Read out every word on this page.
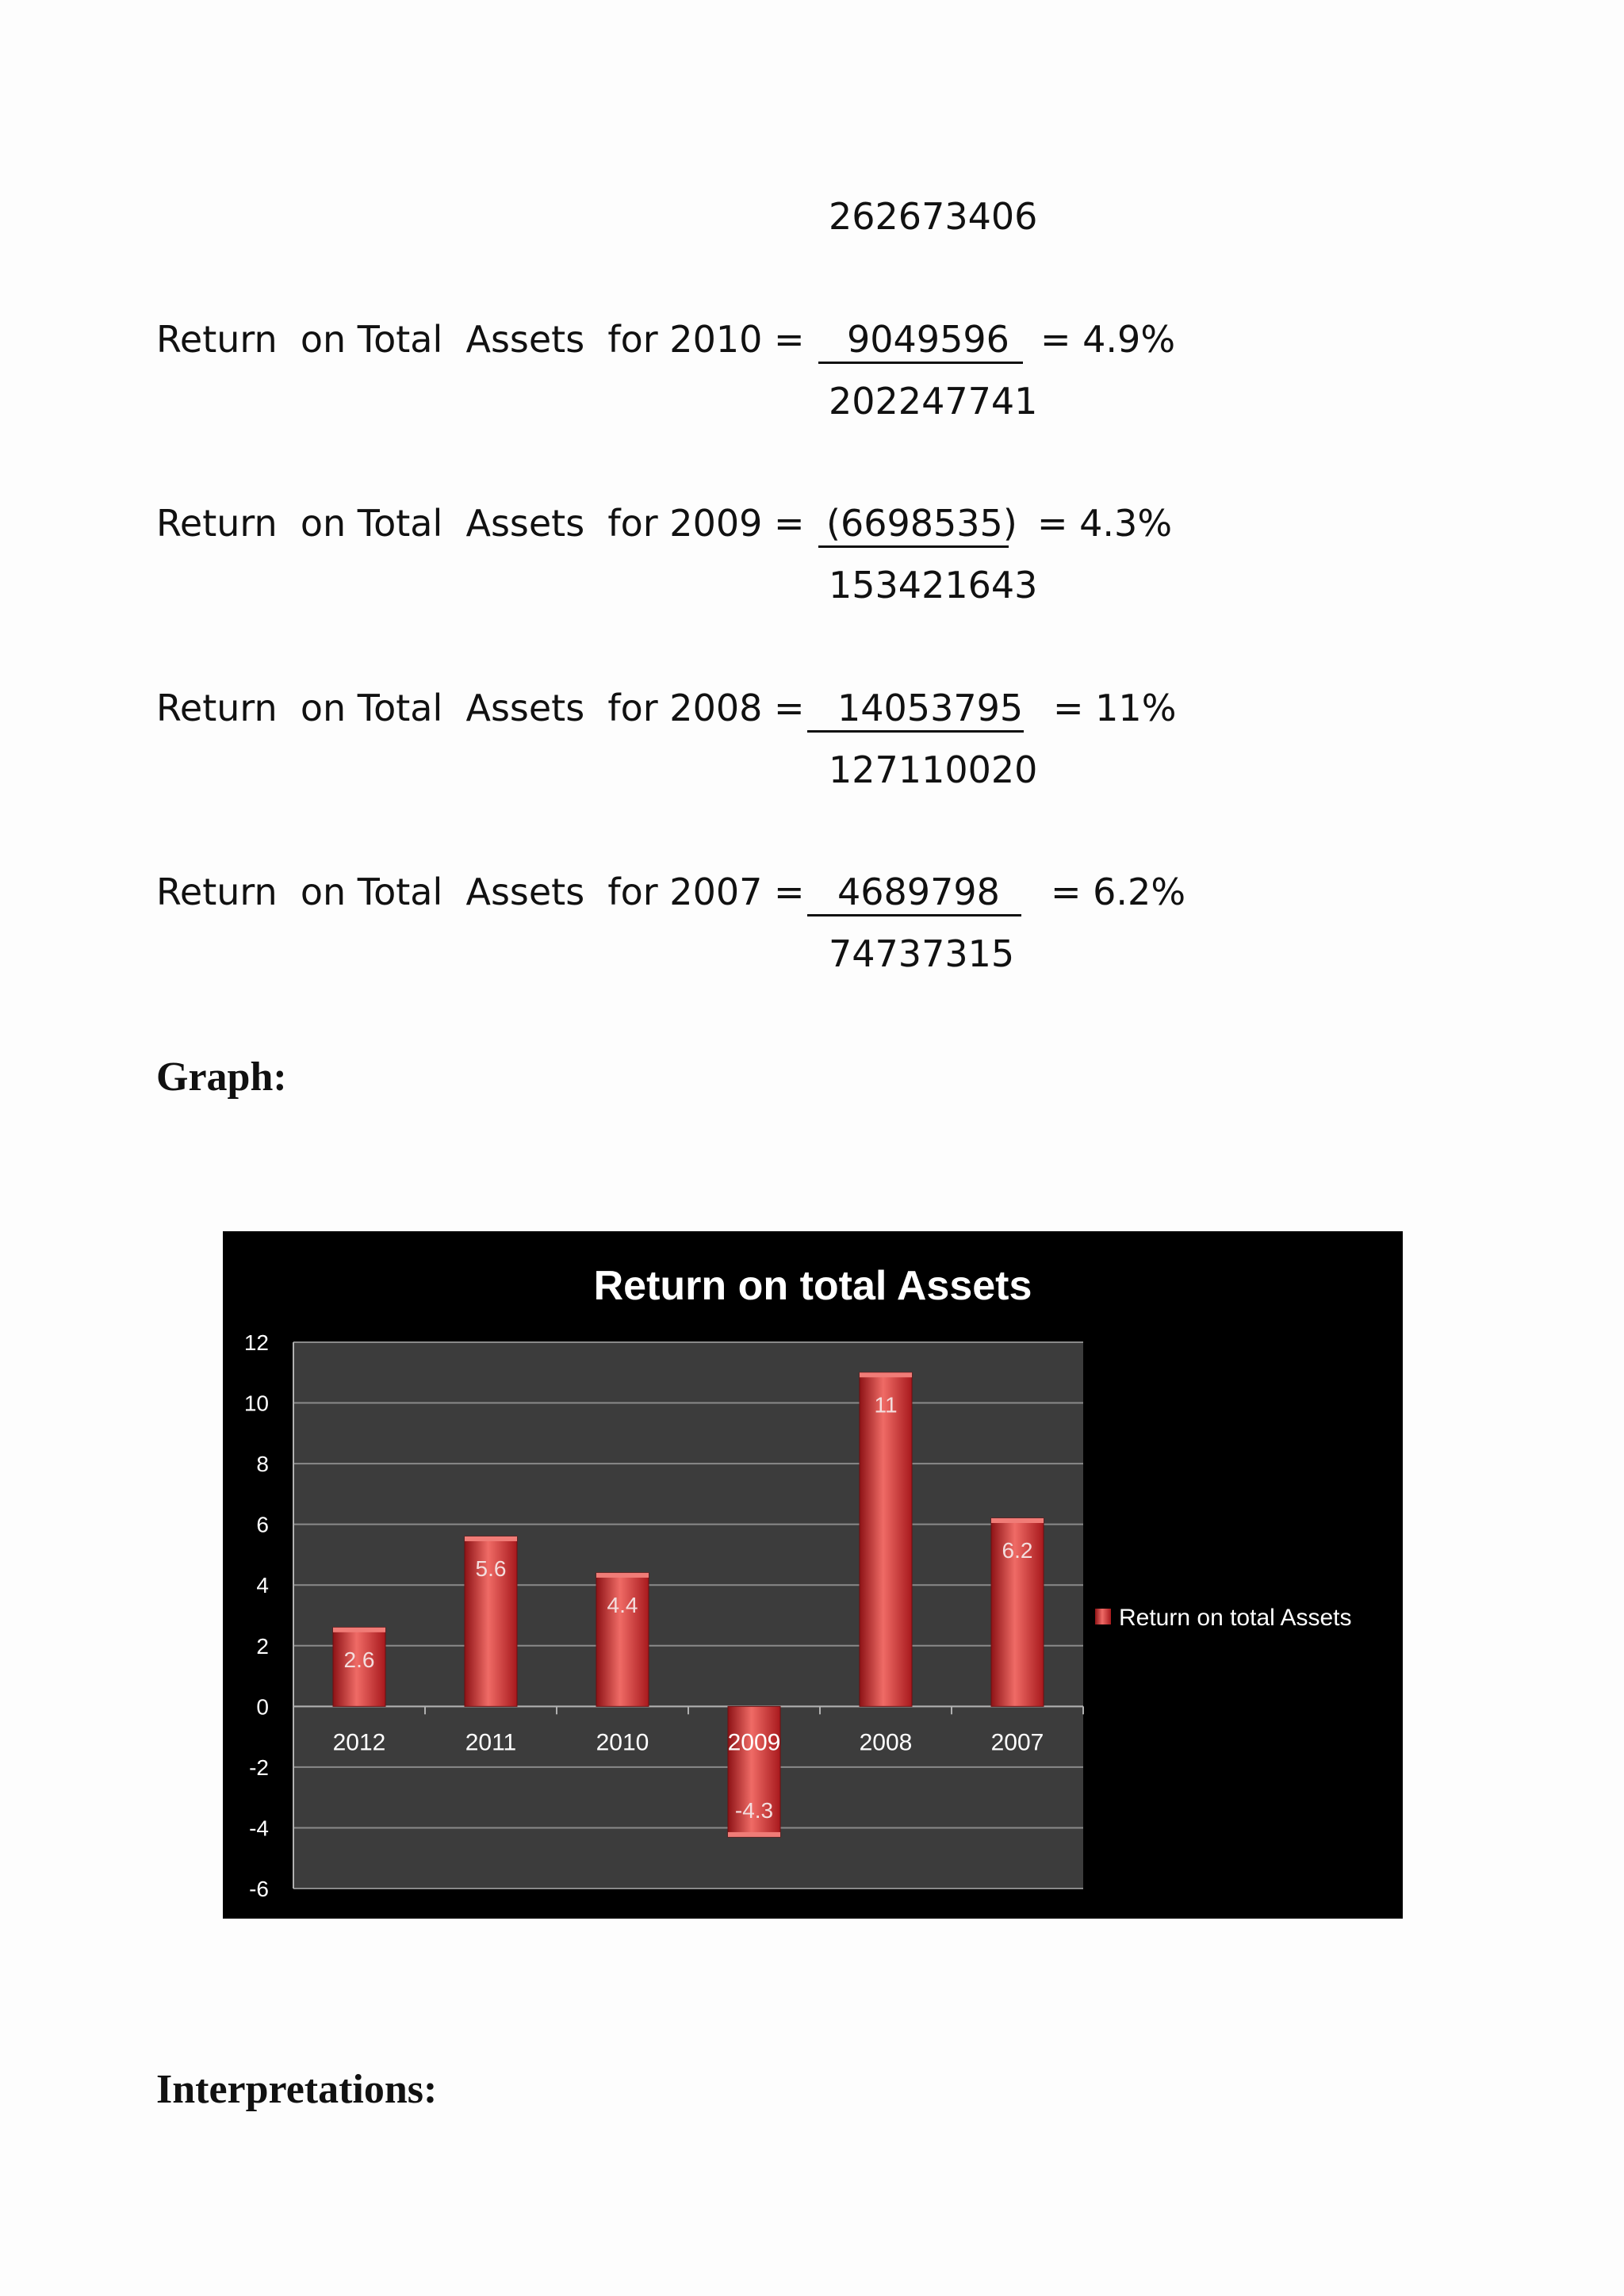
262673406
Return  on Total  Assets  for 2010 = 9049596 = 4.9%
202247741
Return  on Total  Assets  for 2009 = (6698535) = 4.3%
153421643
Return  on Total  Assets  for 2008 = 14053795 = 11%
127110020
Return  on Total  Assets  for 2007 = 4689798 = 6.2%
74737315
Graph:
Interpretations:
Return on total Assets
12
10
8
6
4
2
0
-2
-4
-6
2012	2011	2010	2009	2008	2007
2.6
5.6
4.4
-4.3
11
6.2
Return on total Assets
